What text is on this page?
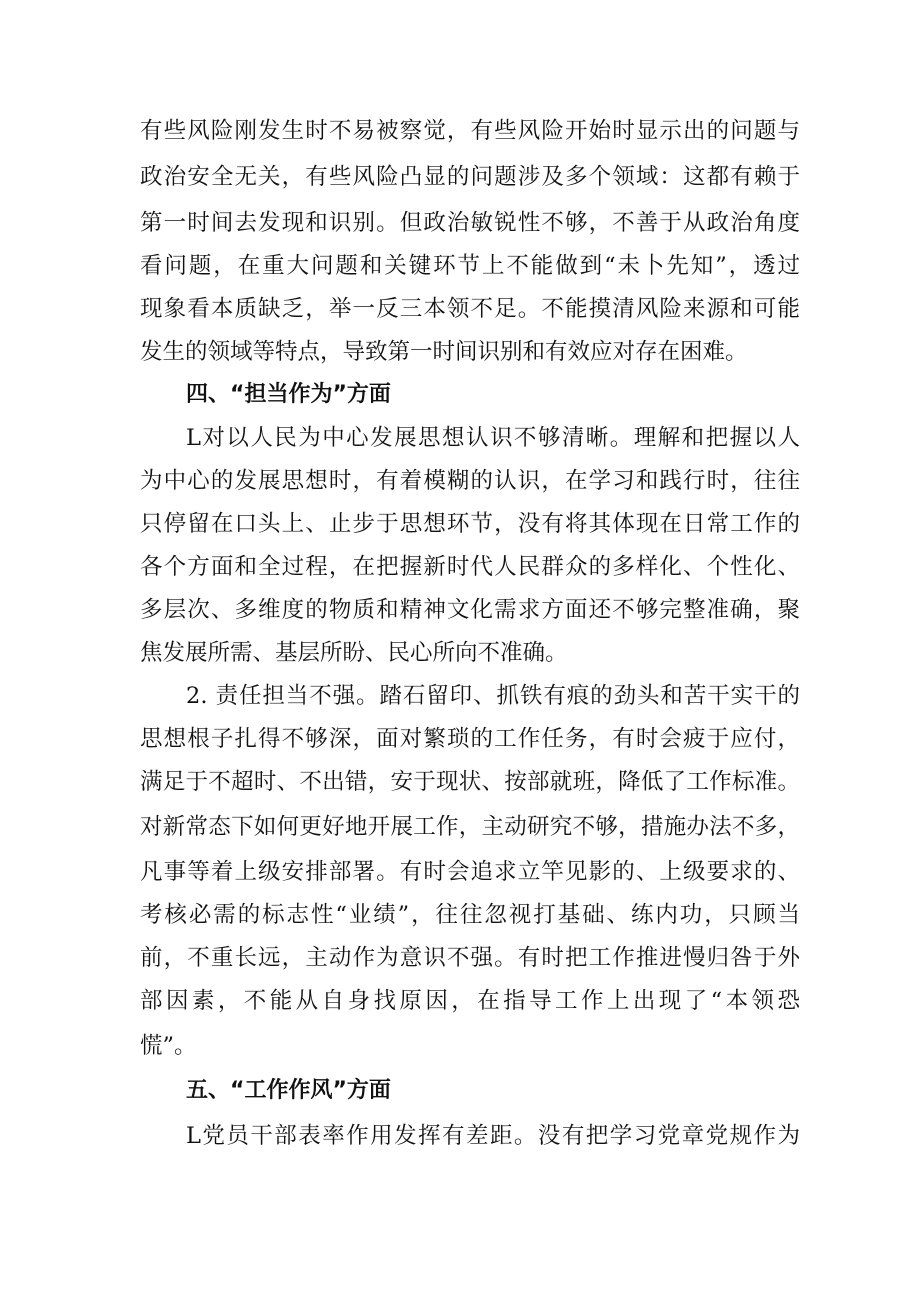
有些风险刚发生时不易被察觉，有些风险开始时显示出的问题与
政治安全无关，有些风险凸显的问题涉及多个领域：这都有赖于
第一时间去发现和识别。但政治敏锐性不够，不善于从政治角度
看问题，在重大问题和关键环节上不能做到“未卜先知”，透过
现象看本质缺乏，举一反三本领不足。不能摸清风险来源和可能
发生的领域等特点，导致第一时间识别和有效应对存在困难。
四、“担当作为”方面
L对以人民为中心发展思想认识不够清晰。理解和把握以人
为中心的发展思想时，有着模糊的认识，在学习和践行时，往往
只停留在口头上、止步于思想环节，没有将其体现在日常工作的
各个方面和全过程，在把握新时代人民群众的多样化、个性化、
多层次、多维度的物质和精神文化需求方面还不够完整准确，聚
焦发展所需、基层所盼、民心所向不准确。
2. 责任担当不强。踏石留印、抓铁有痕的劲头和苦干实干的
思想根子扎得不够深，面对繁琐的工作任务，有时会疲于应付，
满足于不超时、不出错，安于现状、按部就班，降低了工作标准。
对新常态下如何更好地开展工作，主动研究不够，措施办法不多，
凡事等着上级安排部署。有时会追求立竿见影的、上级要求的、
考核必需的标志性“业绩”，往往忽视打基础、练内功，只顾当
前，不重长远，主动作为意识不强。有时把工作推进慢归咎于外
部因素，不能从自身找原因，在指导工作上出现了“本领恐
慌”。
五、“工作作风”方面
L党员干部表率作用发挥有差距。没有把学习党章党规作为
